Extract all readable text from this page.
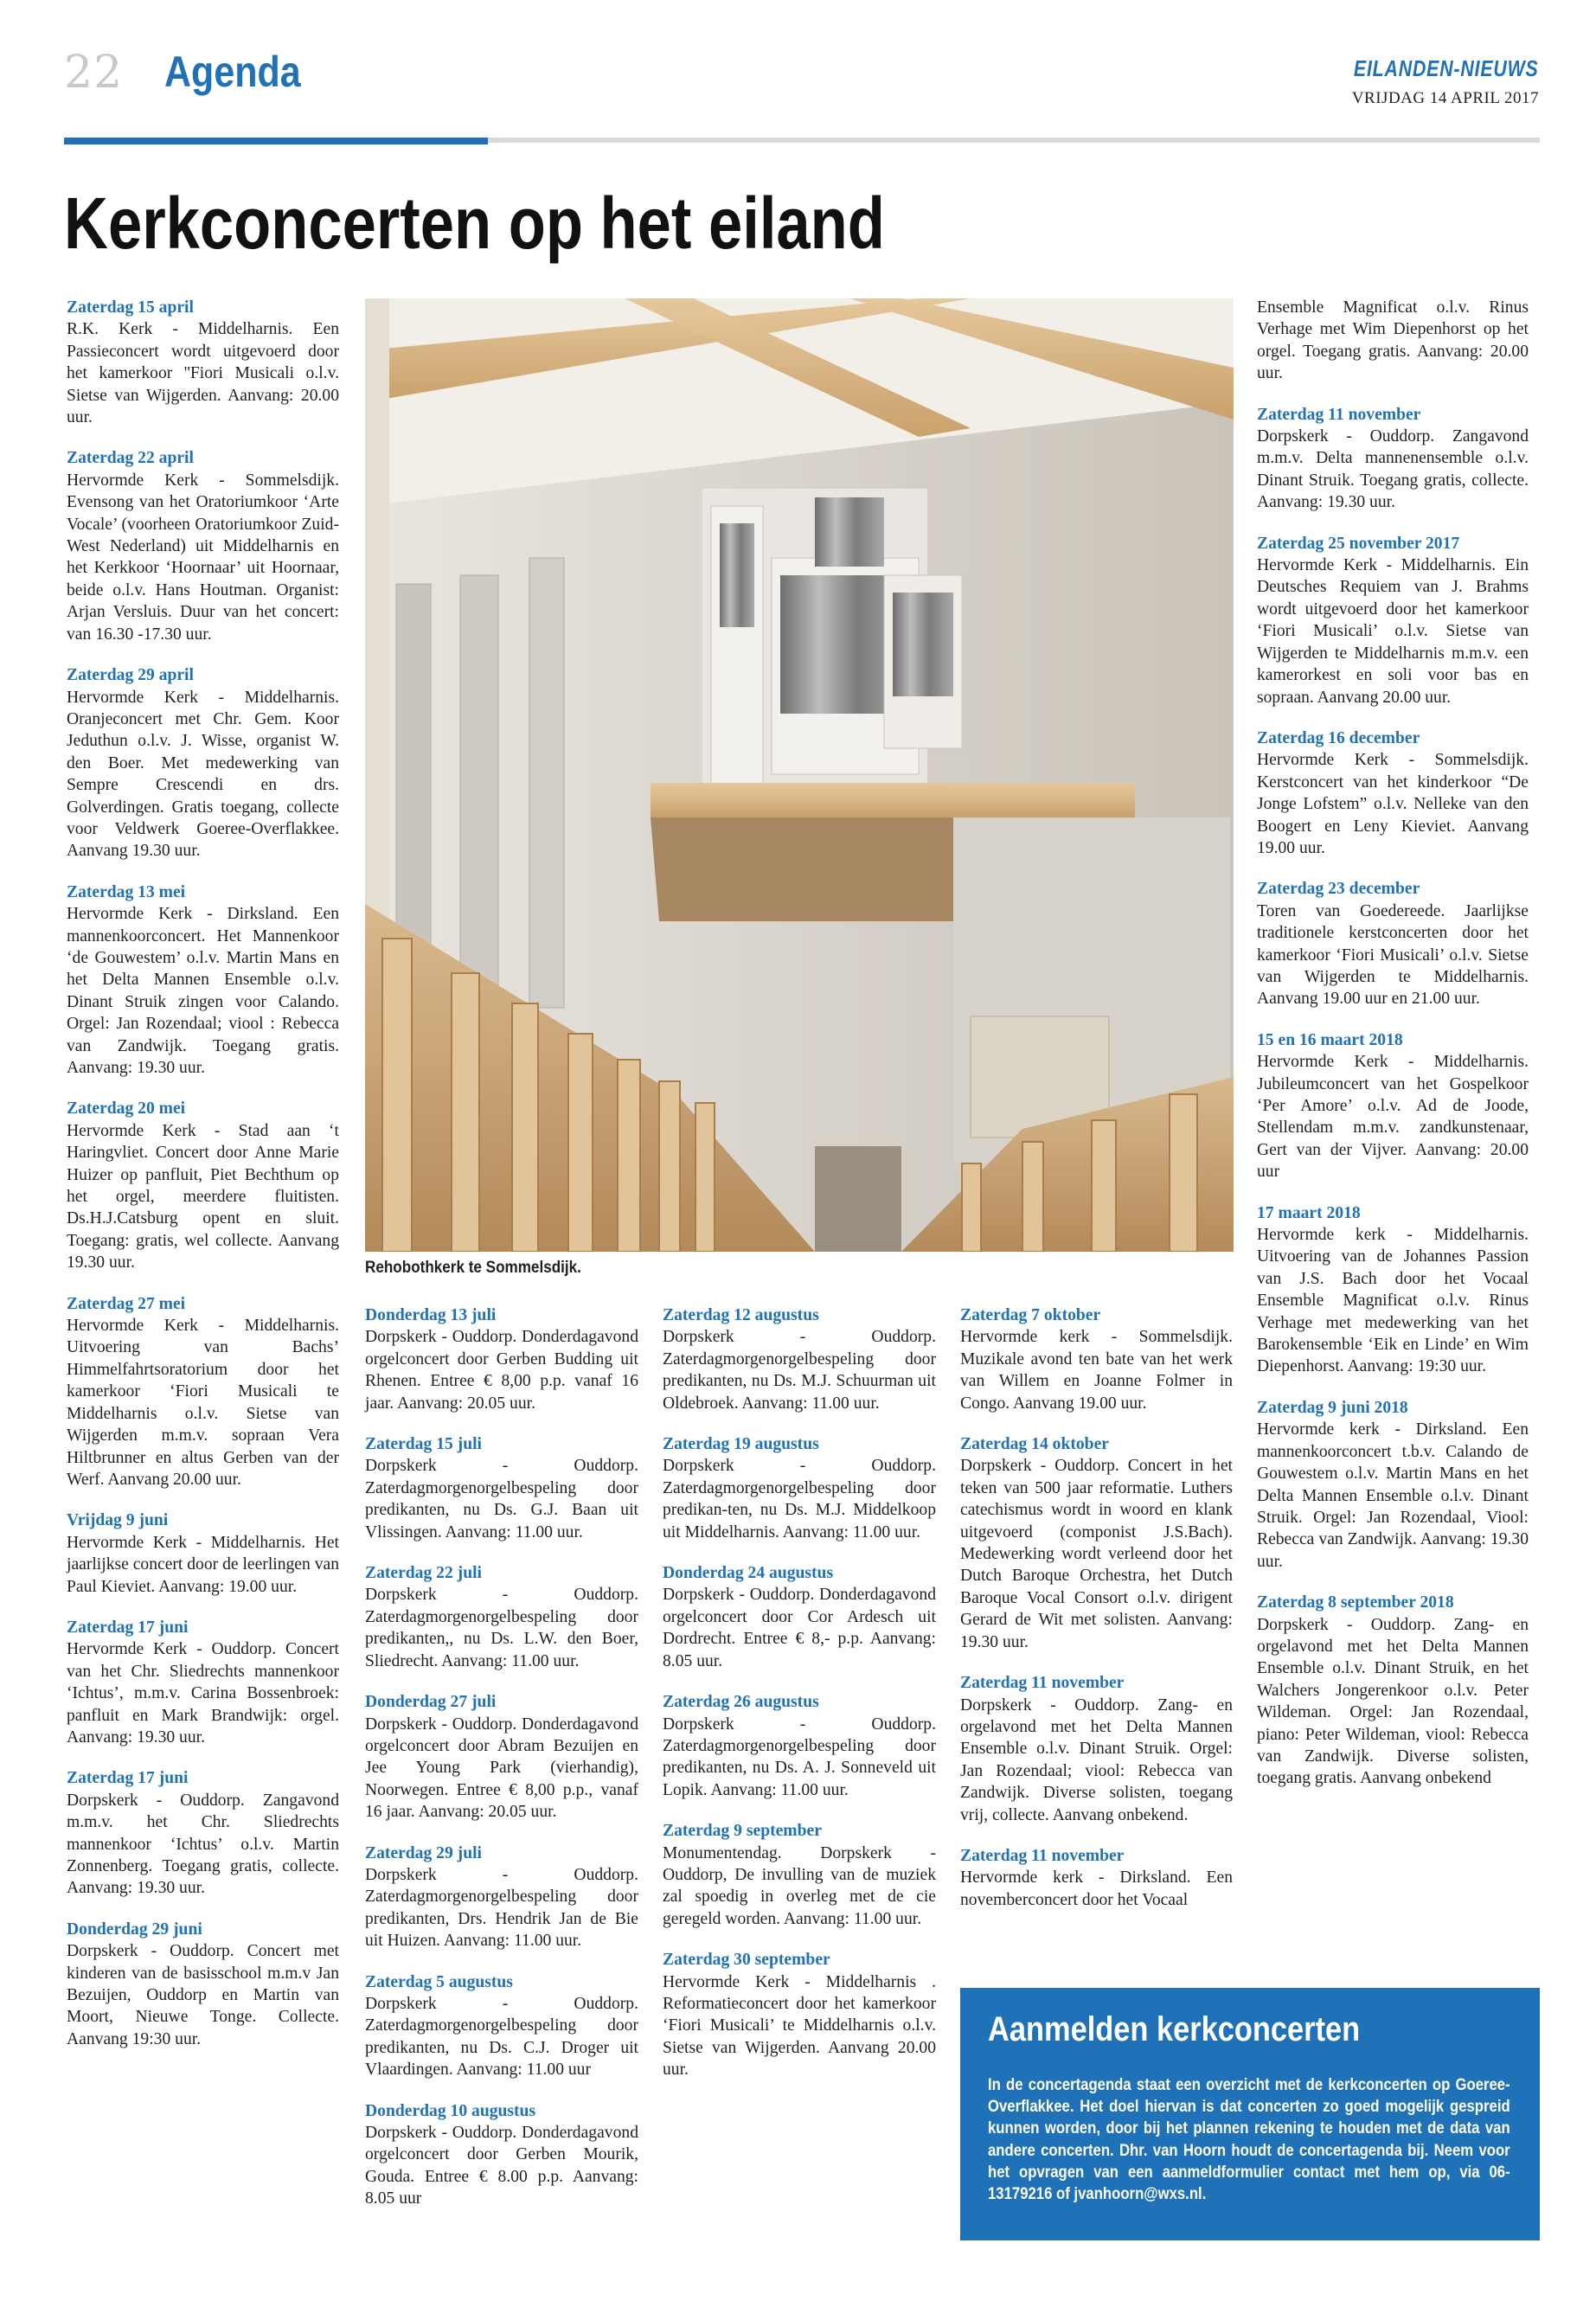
22 Agenda	EILANDEN-NIEUWS
VRIJDAG 14 APRIL 2017
Kerkconcerten op het eiland
Rehobothkerk te Sommelsdijk.
Zaterdag 15 april

R.K. Kerk - Middelharnis. Een Passieconcert wordt uitgevoerd door het kamerkoor ''Fiori Musicali o.l.v. Sietse van Wijgerden. Aanvang: 20.00 uur.

Zaterdag 22 april

Hervormde Kerk - Sommelsdijk. Evensong van het Oratoriumkoor ‘Arte Vocale’ (voorheen Oratoriumkoor Zuid-West Nederland) uit Middelharnis en het Kerkkoor ‘Hoornaar’ uit Hoornaar, beide o.l.v. Hans Houtman. Organist: Arjan Versluis. Duur van het concert: van 16.30 -17.30 uur.

Zaterdag 29 april

Hervormde Kerk - Middelharnis. Oranjeconcert met Chr. Gem. Koor Jeduthun o.l.v. J. Wisse, organist W. den Boer. Met medewerking van Sempre Crescendi en drs. Golverdingen. Gratis toegang, collecte voor Veldwerk Goeree-Overflakkee. Aanvang 19.30 uur.

Zaterdag 13 mei

Hervormde Kerk - Dirksland. Een mannenkoorconcert. Het Mannenkoor ‘de Gouwestem’ o.l.v. Martin Mans en het Delta Mannen Ensemble o.l.v. Dinant Struik zingen voor Calando. Orgel: Jan Rozendaal; viool : Rebecca van Zandwijk. Toegang gratis. Aanvang: 19.30 uur.

Zaterdag 20 mei

Hervormde Kerk - Stad aan ‘t Haringvliet. Concert door Anne Marie Huizer op panfluit, Piet Bechthum op het orgel, meerdere fluitisten. Ds.H.J.Catsburg opent en sluit. Toegang: gratis, wel collecte. Aanvang 19.30 uur.

Zaterdag 27 mei

Hervormde Kerk - Middelharnis. Uitvoering van Bachs’ Himmelfahrtsoratorium door het kamerkoor ‘Fiori Musicali te Middelharnis o.l.v. Sietse van Wijgerden m.m.v. sopraan Vera Hiltbrunner en altus Gerben van der Werf. Aanvang 20.00 uur.

Vrijdag 9 juni

Hervormde Kerk - Middelharnis. Het jaarlijkse concert door de leerlingen van Paul Kieviet. Aanvang: 19.00 uur.

Zaterdag 17 juni

Hervormde Kerk - Ouddorp. Concert van het Chr. Sliedrechts mannenkoor ‘Ichtus’, m.m.v. Carina Bossenbroek: panfluit en Mark Brandwijk: orgel. Aanvang: 19.30 uur.

Zaterdag 17 juni

Dorpskerk - Ouddorp. Zangavond m.m.v. het Chr. Sliedrechts mannenkoor ‘Ichtus’ o.l.v. Martin Zonnenberg. Toegang gratis, collecte. Aanvang: 19.30 uur.

Donderdag 29 juni

Dorpskerk - Ouddorp. Concert met kinderen van de basisschool m.m.v Jan Bezuijen, Ouddorp en Martin van Moort, Nieuwe Tonge. Collecte. Aanvang 19:30 uur.

Donderdag 13 juli

Dorpskerk - Ouddorp. Donderdagavond orgelconcert door Gerben Budding uit Rhenen. Entree € 8,00 p.p. vanaf 16 jaar. Aanvang: 20.05 uur.

Zaterdag 15 juli

Dorpskerk - Ouddorp. Zaterdagmorgenorgelbespeling door predikanten, nu Ds. G.J. Baan uit Vlissingen. Aanvang: 11.00 uur.

Zaterdag 22 juli

Dorpskerk - Ouddorp. Zaterdagmorgenorgelbespeling door predikanten,, nu Ds. L.W. den Boer, Sliedrecht. Aanvang: 11.00 uur.

Donderdag 27 juli

Dorpskerk - Ouddorp. Donderdagavond orgelconcert door Abram Bezuijen en Jee Young Park (vierhandig), Noorwegen. Entree € 8,00 p.p., vanaf 16 jaar. Aanvang: 20.05 uur.

Zaterdag 29 juli

Dorpskerk - Ouddorp. Zaterdagmorgenorgelbespeling door predikanten, Drs. Hendrik Jan de Bie uit Huizen. Aanvang: 11.00 uur.

Zaterdag 5 augustus

Dorpskerk - Ouddorp. Zaterdagmorgenorgelbespeling door predikanten, nu Ds. C.J. Droger uit Vlaardingen. Aanvang: 11.00 uur

Donderdag 10 augustus

Dorpskerk - Ouddorp. Donderdagavond orgelconcert door Gerben Mourik, Gouda. Entree € 8.00 p.p. Aanvang: 8.05 uur

Zaterdag 12 augustus

Dorpskerk - Ouddorp. Zaterdagmorgenorgelbespeling door predikanten, nu Ds. M.J. Schuurman uit Oldebroek. Aanvang: 11.00 uur.

Zaterdag 19 augustus

Dorpskerk - Ouddorp. Zaterdagmorgenorgelbespeling door predikan-ten, nu Ds. M.J. Middelkoop uit Middelharnis. Aanvang: 11.00 uur.

Donderdag 24 augustus

Dorpskerk - Ouddorp. Donderdagavond orgelconcert door Cor Ardesch uit Dordrecht. Entree € 8,- p.p. Aanvang: 8.05 uur.

Zaterdag 26 augustus

Dorpskerk - Ouddorp. Zaterdagmorgenorgelbespeling door predikanten, nu Ds. A. J. Sonneveld uit Lopik. Aanvang: 11.00 uur.

Zaterdag 9 september

Monumentendag. Dorpskerk - Ouddorp, De invulling van de muziek zal spoedig in overleg met de cie geregeld worden. Aanvang: 11.00 uur.

Zaterdag 30 september

Hervormde Kerk - Middelharnis . Reformatieconcert door het kamerkoor ‘Fiori Musicali’ te Middelharnis o.l.v. Sietse van Wijgerden. Aanvang 20.00 uur.

Zaterdag 7 oktober

Hervormde kerk - Sommelsdijk. Muzikale avond ten bate van het werk van Willem en Joanne Folmer in Congo. Aanvang 19.00 uur.

Zaterdag 14 oktober

Dorpskerk - Ouddorp. Concert in het teken van 500 jaar reformatie. Luthers catechismus wordt in woord en klank uitgevoerd (componist J.S.Bach). Medewerking wordt verleend door het Dutch Baroque Orchestra, het Dutch Baroque Vocal Consort o.l.v. dirigent Gerard de Wit met solisten. Aanvang: 19.30 uur.

Zaterdag 11 november

Dorpskerk - Ouddorp. Zang- en orgelavond met het Delta Mannen Ensemble o.l.v. Dinant Struik. Orgel: Jan Rozendaal; viool: Rebecca van Zandwijk. Diverse solisten, toegang vrij, collecte. Aanvang onbekend.

Zaterdag 11 november

Hervormde kerk - Dirksland. Een novemberconcert door het Vocaal

Ensemble Magnificat o.l.v. Rinus Verhage met Wim Diepenhorst op het orgel. Toegang gratis. Aanvang: 20.00 uur.

Zaterdag 11 november

Dorpskerk - Ouddorp. Zangavond m.m.v. Delta mannenensemble o.l.v. Dinant Struik. Toegang gratis, collecte. Aanvang: 19.30 uur.

Zaterdag 25 november 2017

Hervormde Kerk - Middelharnis. Ein Deutsches Requiem van J. Brahms wordt uitgevoerd door het kamerkoor ‘Fiori Musicali’ o.l.v. Sietse van Wijgerden te Middelharnis m.m.v. een kamerorkest en soli voor bas en sopraan. Aanvang 20.00 uur.

Zaterdag 16 december

Hervormde Kerk - Sommelsdijk. Kerstconcert van het kinderkoor “De Jonge Lofstem” o.l.v. Nelleke van den Boogert en Leny Kieviet. Aanvang 19.00 uur.

Zaterdag 23 december

Toren van Goedereede. Jaarlijkse traditionele kerstconcerten door het kamerkoor ‘Fiori Musicali’ o.l.v. Sietse van Wijgerden te Middelharnis. Aanvang 19.00 uur en 21.00 uur.

15 en 16 maart 2018

Hervormde Kerk - Middelharnis. Jubileumconcert van het Gospelkoor ‘Per Amore’ o.l.v. Ad de Joode, Stellendam m.m.v. zandkunstenaar, Gert van der Vijver. Aanvang: 20.00 uur

17 maart 2018

Hervormde kerk - Middelharnis. Uitvoering van de Johannes Passion van J.S. Bach door het Vocaal Ensemble Magnificat o.l.v. Rinus Verhage met medewerking van het Barokensemble ‘Eik en Linde’ en Wim Diepenhorst. Aanvang: 19:30 uur.

Zaterdag 9 juni 2018

Hervormde kerk - Dirksland. Een mannenkoorconcert t.b.v. Calando de Gouwestem o.l.v. Martin Mans en het Delta Mannen Ensemble o.l.v. Dinant Struik. Orgel: Jan Rozendaal, Viool: Rebecca van Zandwijk. Aanvang: 19.30 uur.

Zaterdag 8 september 2018

Dorpskerk - Ouddorp. Zang- en orgelavond met het Delta Mannen Ensemble o.l.v. Dinant Struik, en het Walchers Jongerenkoor o.l.v. Peter Wildeman. Orgel: Jan Rozendaal, piano: Peter Wildeman, viool: Rebecca van Zandwijk. Diverse solisten, toegang gratis. Aanvang onbekend

Aanmelden kerkconcerten

In de concertagenda staat een overzicht met de kerkconcerten op Goeree-Overflakkee. Het doel hiervan is dat concerten zo goed mogelijk gespreid kunnen worden, door bij het plannen rekening te houden met de data van andere concerten. Dhr. van Hoorn houdt de concertagenda bij. Neem voor het opvragen van een aanmeldformulier contact met hem op, via 06-13179216 of jvanhoorn@wxs.nl.
